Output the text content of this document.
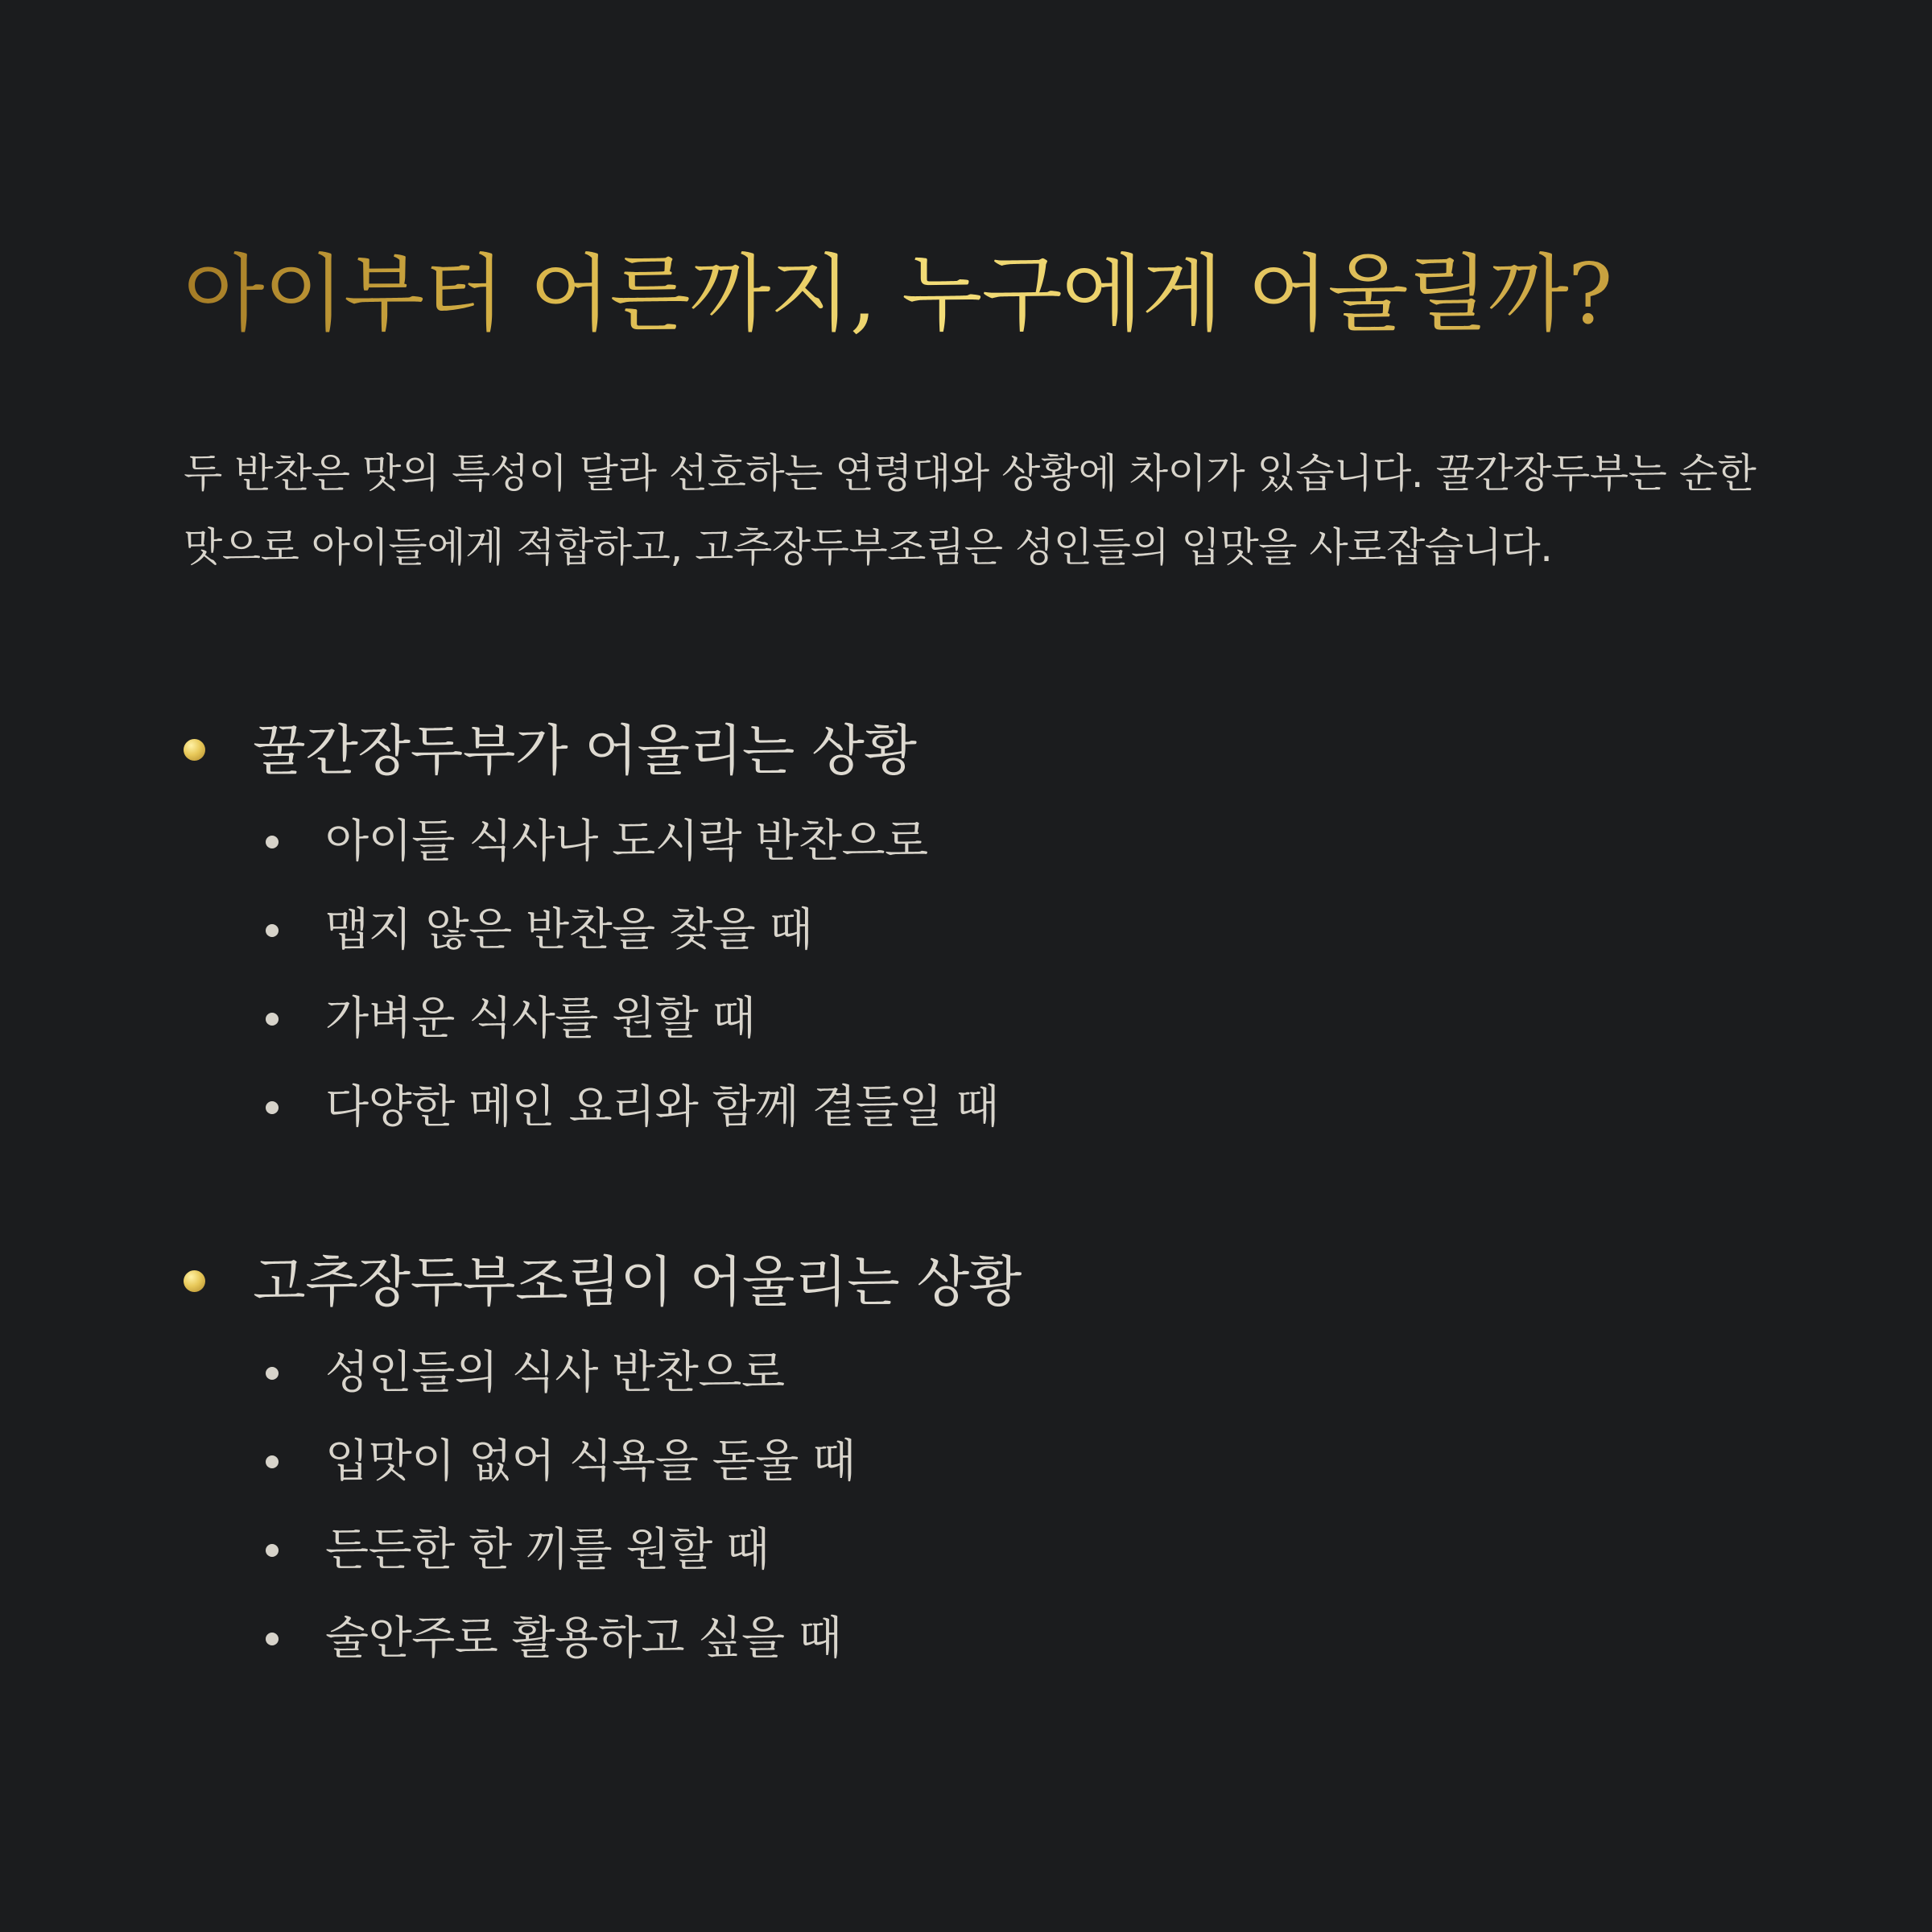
아이부터 어른까지, 누구에게 어울릴까?

두 반찬은 맛의 특성이 달라 선호하는 연령대와 상황에 차이가 있습니다. 꿀간장두부는 순한 맛으로 아이들에게 적합하고, 고추장두부조림은 성인들의 입맛을 사로잡습니다.

꿀간장두부가 어울리는 상황
아이들 식사나 도시락 반찬으로
맵지 않은 반찬을 찾을 때
가벼운 식사를 원할 때
다양한 메인 요리와 함께 곁들일 때
고추장두부조림이 어울리는 상황
성인들의 식사 반찬으로
입맛이 없어 식욕을 돋울 때
든든한 한 끼를 원할 때
술안주로 활용하고 싶을 때
